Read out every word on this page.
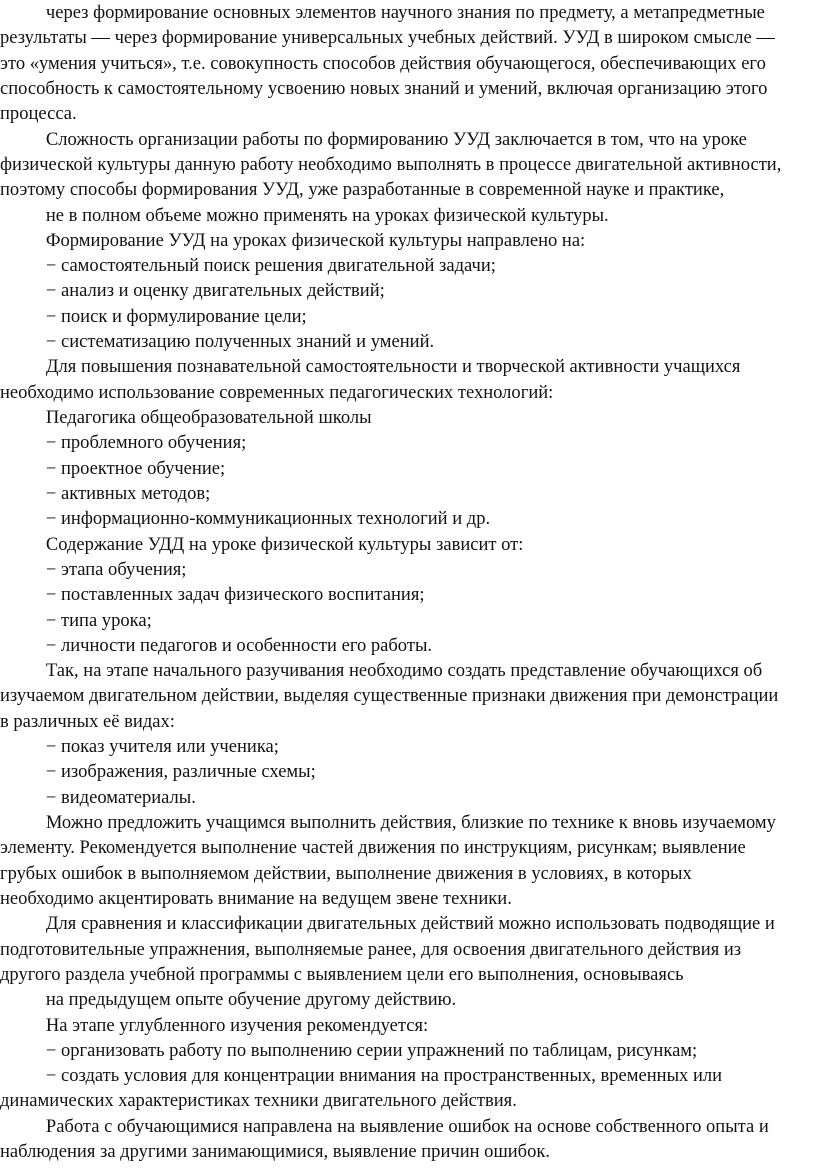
через формирование основных элементов научного знания по предмету, а метапредметные
результаты — через формирование универсальных учебных действий. УУД в широком смысле —
это «умения учиться», т.е. совокупность способов действия обучающегося, обеспечивающих его
способность к самостоятельному усвоению новых знаний и умений, включая организацию этого
процесса.
Сложность организации работы по формированию УУД заключается в том, что на уроке
физической культуры данную работу необходимо выполнять в процессе двигательной активности,
поэтому способы формирования УУД, уже разработанные в современной науке и практике,
не в полном объеме можно применять на уроках физической культуры.
Формирование УУД на уроках физической культуры направлено на:
− самостоятельный поиск решения двигательной задачи;
− анализ и оценку двигательных действий;
− поиск и формулирование цели;
− систематизацию полученных знаний и умений.
Для повышения познавательной самостоятельности и творческой активности учащихся
необходимо использование современных педагогических технологий:
Педагогика общеобразовательной школы
− проблемного обучения;
− проектное обучение;
− активных методов;
− информационно-коммуникационных технологий и др.
Содержание УДД на уроке физической культуры зависит от:
− этапа обучения;
− поставленных задач физического воспитания;
− типа урока;
− личности педагогов и особенности его работы.
Так, на этапе начального разучивания необходимо создать представление обучающихся об
изучаемом двигательном действии, выделяя существенные признаки движения при демонстрации
в различных её видах:
− показ учителя или ученика;
− изображения, различные схемы;
− видеоматериалы.
Можно предложить учащимся выполнить действия, близкие по технике к вновь изучаемому
элементу. Рекомендуется выполнение частей движения по инструкциям, рисункам; выявление
грубых ошибок в выполняемом действии, выполнение движения в условиях, в которых
необходимо акцентировать внимание на ведущем звене техники.
Для сравнения и классификации двигательных действий можно использовать подводящие и
подготовительные упражнения, выполняемые ранее, для освоения двигательного действия из
другого раздела учебной программы с выявлением цели его выполнения, основываясь
на предыдущем опыте обучение другому действию.
На этапе углубленного изучения рекомендуется:
− организовать работу по выполнению серии упражнений по таблицам, рисункам;
− создать условия для концентрации внимания на пространственных, временных или
динамических характеристиках техники двигательного действия.
Работа с обучающимися направлена на выявление ошибок на основе собственного опыта и
наблюдения за другими занимающимися, выявление причин ошибок.
